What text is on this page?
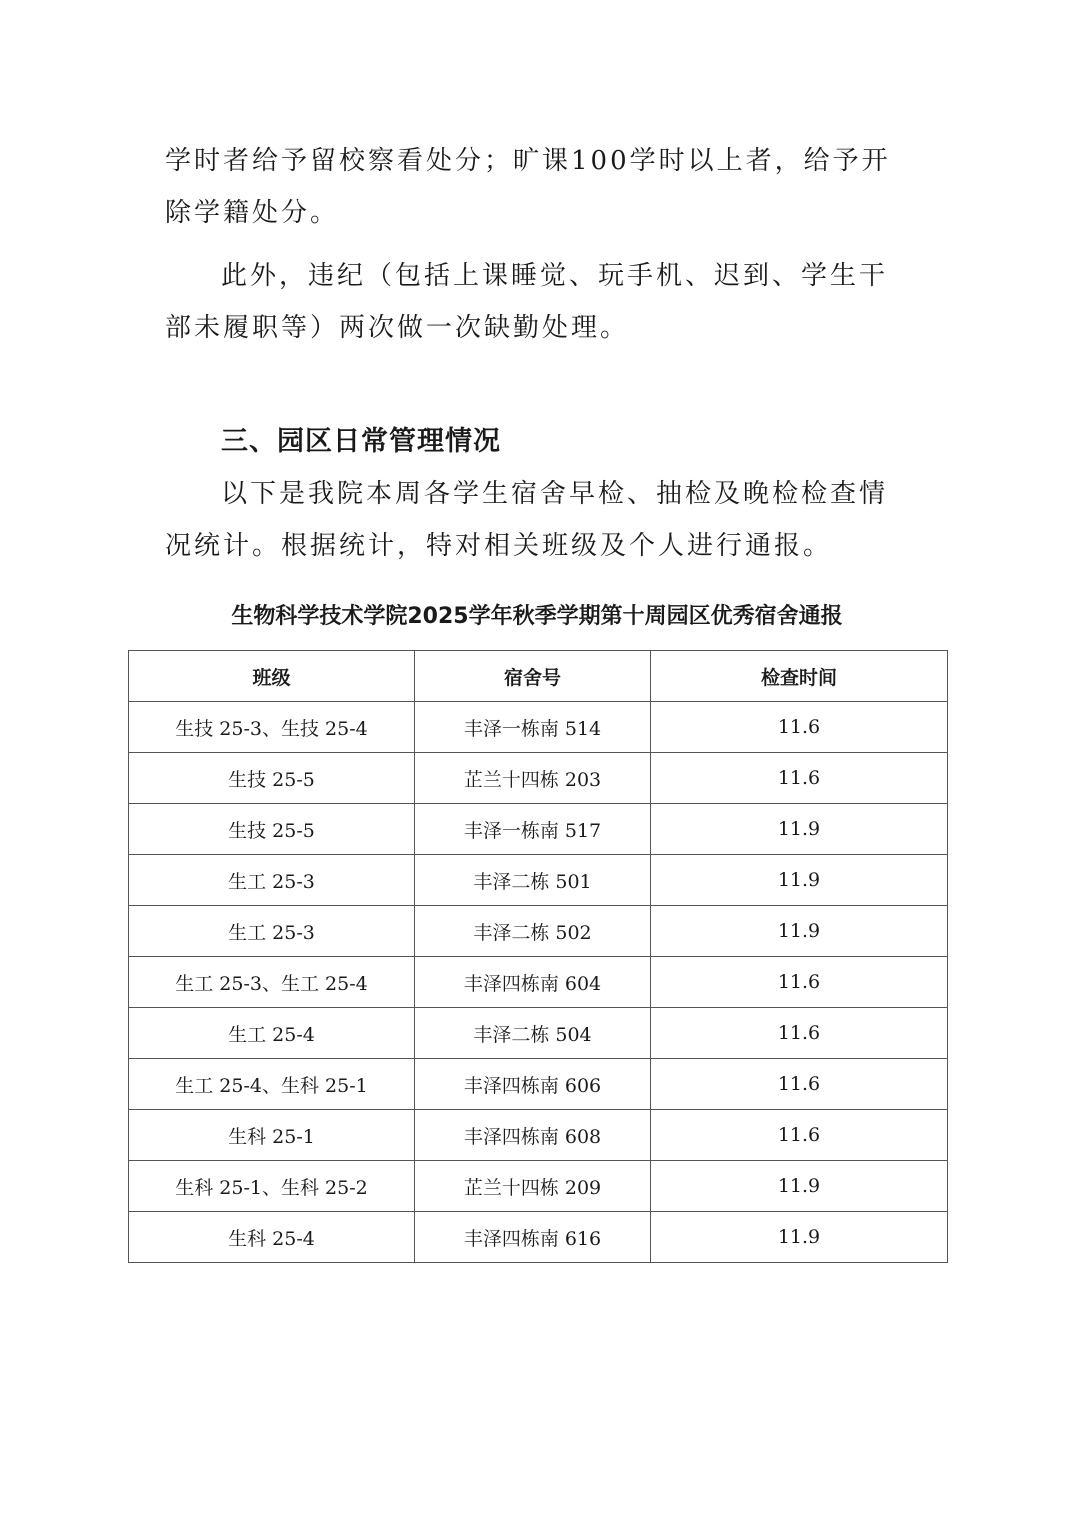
学时者给予留校察看处分；旷课100学时以上者，给予开除学籍处分。

此外，违纪（包括上课睡觉、玩手机、迟到、学生干部未履职等）两次做一次缺勤处理。

三、园区日常管理情况

以下是我院本周各学生宿舍早检、抽检及晚检检查情况统计。根据统计，特对相关班级及个人进行通报。

生物科学技术学院2025学年秋季学期第十周园区优秀宿舍通报

班级	宿舍号	检查时间
生技 25-3、生技 25-4	丰泽一栋南 514	11.6
生技 25-5	芷兰十四栋 203	11.6
生技 25-5	丰泽一栋南 517	11.9
生工 25-3	丰泽二栋 501	11.9
生工 25-3	丰泽二栋 502	11.9
生工 25-3、生工 25-4	丰泽四栋南 604	11.6
生工 25-4	丰泽二栋 504	11.6
生工 25-4、生科 25-1	丰泽四栋南 606	11.6
生科 25-1	丰泽四栋南 608	11.6
生科 25-1、生科 25-2	芷兰十四栋 209	11.9
生科 25-4	丰泽四栋南 616	11.9
